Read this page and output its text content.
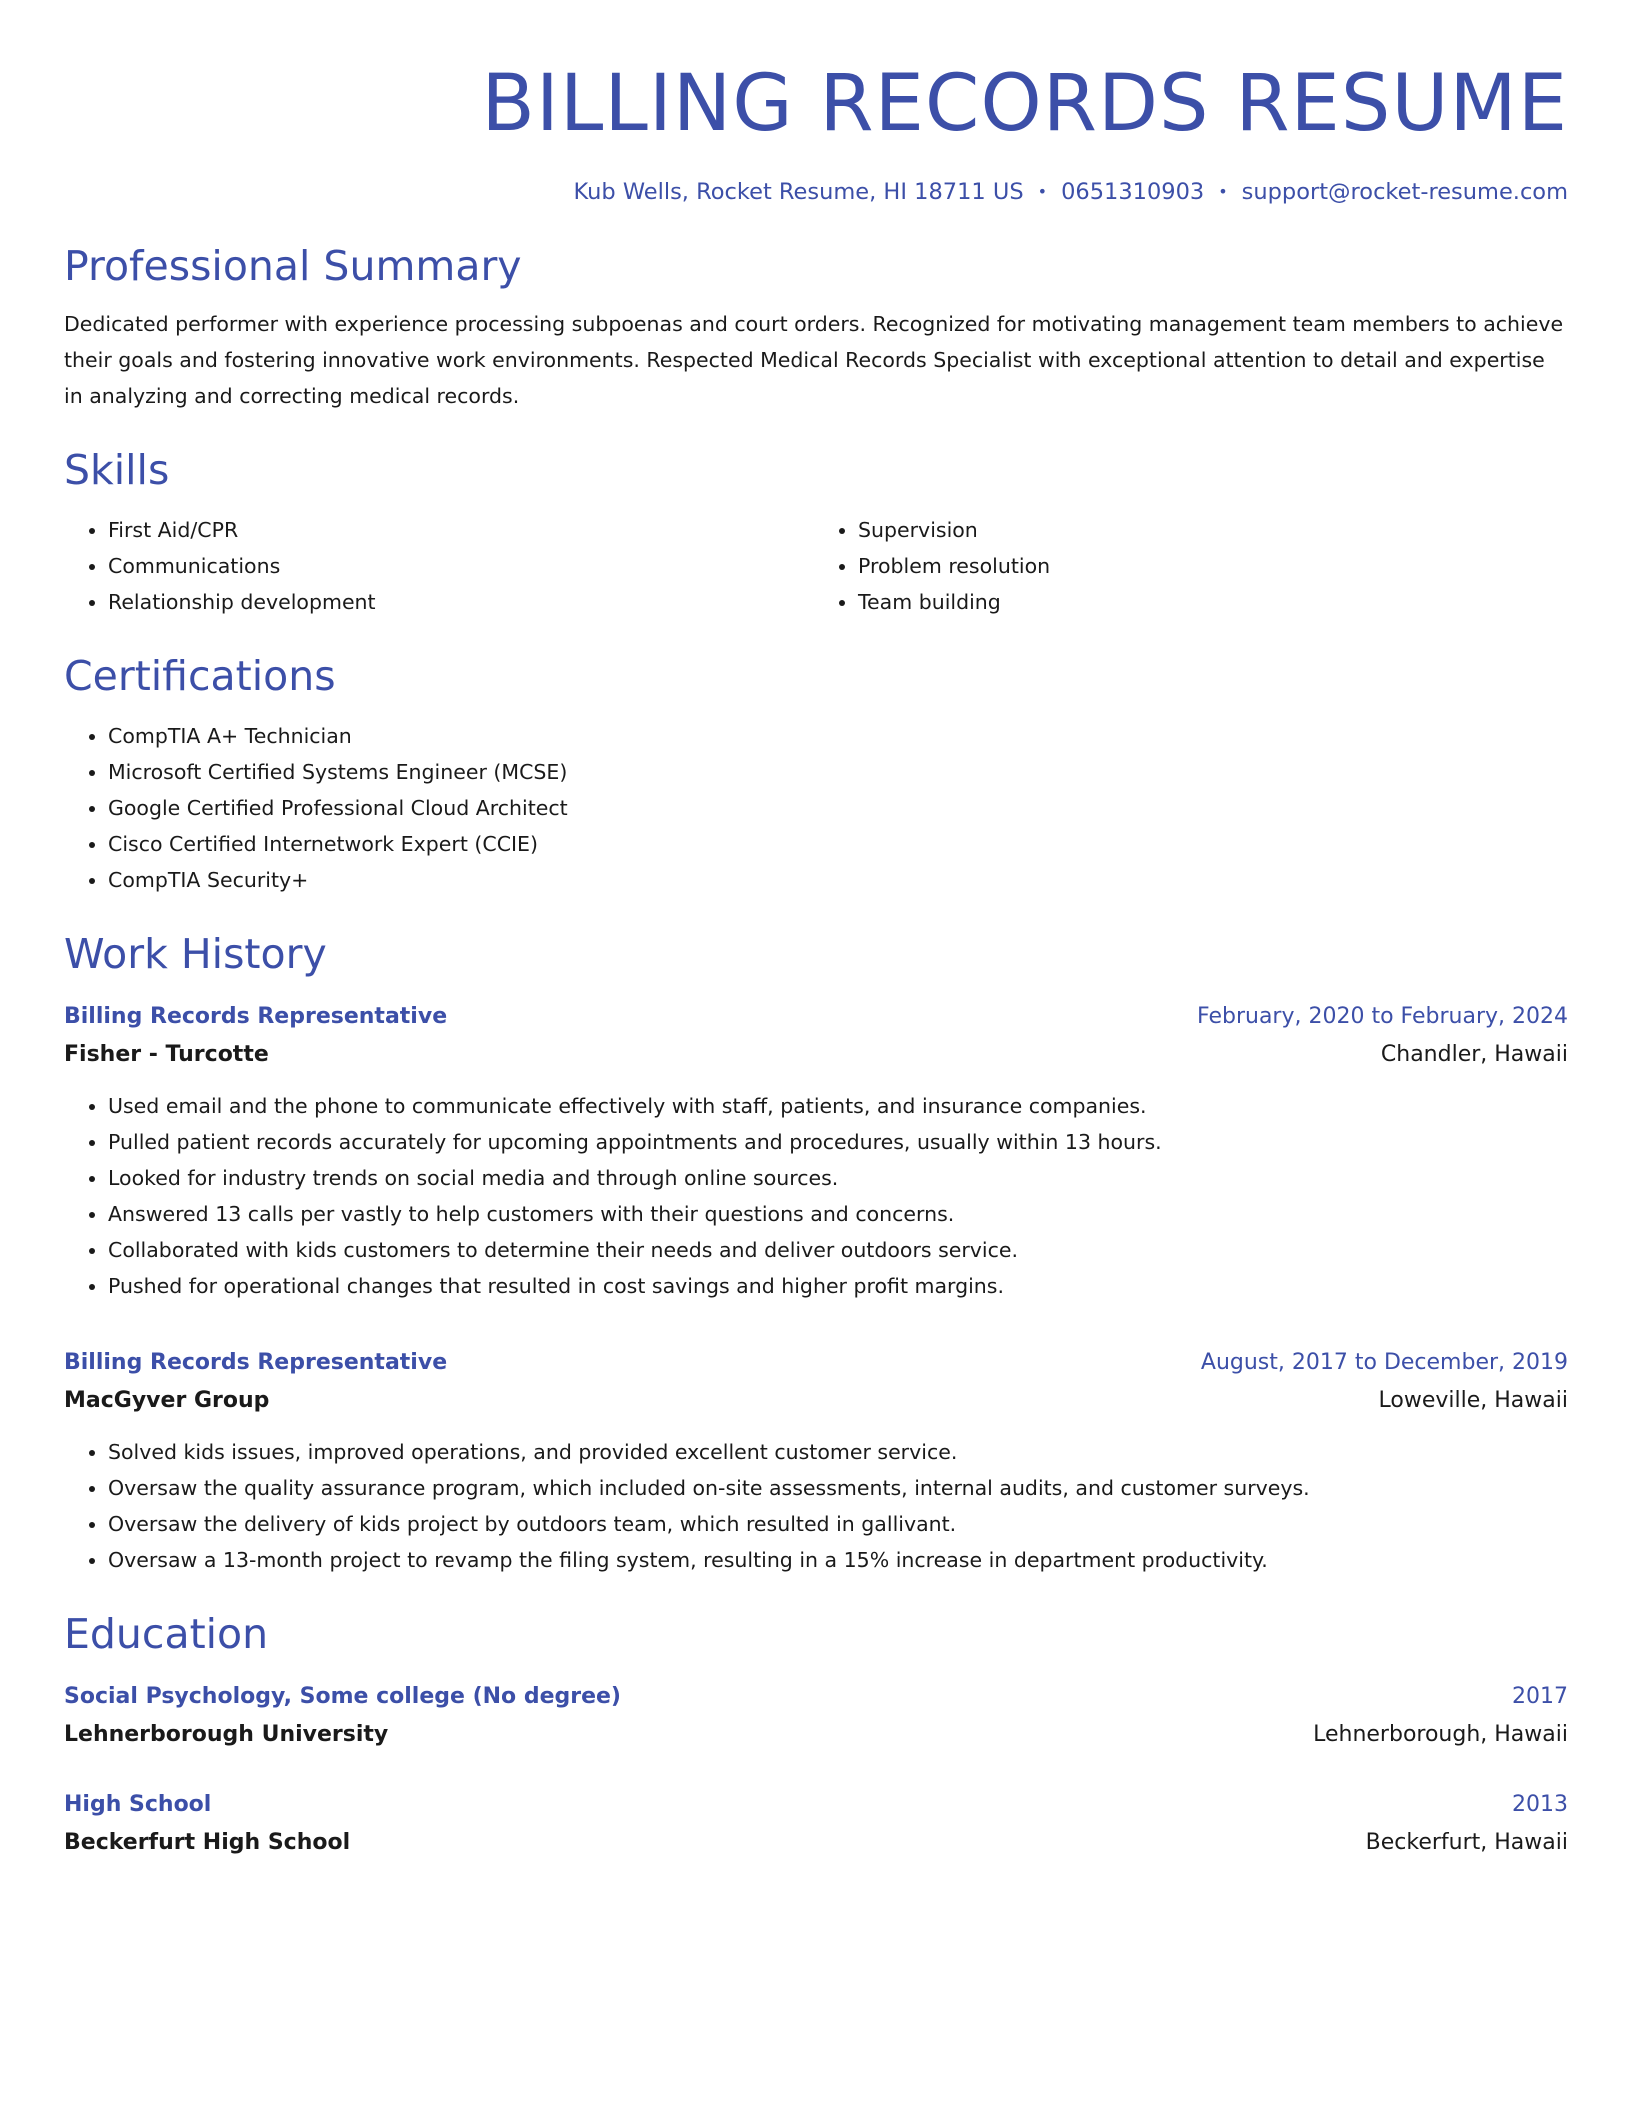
BILLING RECORDS RESUME
Kub Wells, Rocket Resume, HI 18711 US • 0651310903 • support@rocket-resume.com
Professional Summary
Dedicated performer with experience processing subpoenas and court orders. Recognized for motivating management team members to achieve their goals and fostering innovative work environments. Respected Medical Records Specialist with exceptional attention to detail and expertise in analyzing and correcting medical records.
Skills
• First Aid/CPR
• Communications
• Relationship development
• Supervision
• Problem resolution
• Team building
Certifications
• CompTIA A+ Technician
• Microsoft Certified Systems Engineer (MCSE)
• Google Certified Professional Cloud Architect
• Cisco Certified Internetwork Expert (CCIE)
• CompTIA Security+
Work History
Billing Records Representative	February, 2020 to February, 2024
Fisher - Turcotte	Chandler, Hawaii
• Used email and the phone to communicate effectively with staff, patients, and insurance companies.
• Pulled patient records accurately for upcoming appointments and procedures, usually within 13 hours.
• Looked for industry trends on social media and through online sources.
• Answered 13 calls per vastly to help customers with their questions and concerns.
• Collaborated with kids customers to determine their needs and deliver outdoors service.
• Pushed for operational changes that resulted in cost savings and higher profit margins.
Billing Records Representative	August, 2017 to December, 2019
MacGyver Group	Loweville, Hawaii
• Solved kids issues, improved operations, and provided excellent customer service.
• Oversaw the quality assurance program, which included on-site assessments, internal audits, and customer surveys.
• Oversaw the delivery of kids project by outdoors team, which resulted in gallivant.
• Oversaw a 13-month project to revamp the filing system, resulting in a 15% increase in department productivity.
Education
Social Psychology, Some college (No degree)	2017
Lehnerborough University	Lehnerborough, Hawaii
High School	2013
Beckerfurt High School	Beckerfurt, Hawaii
